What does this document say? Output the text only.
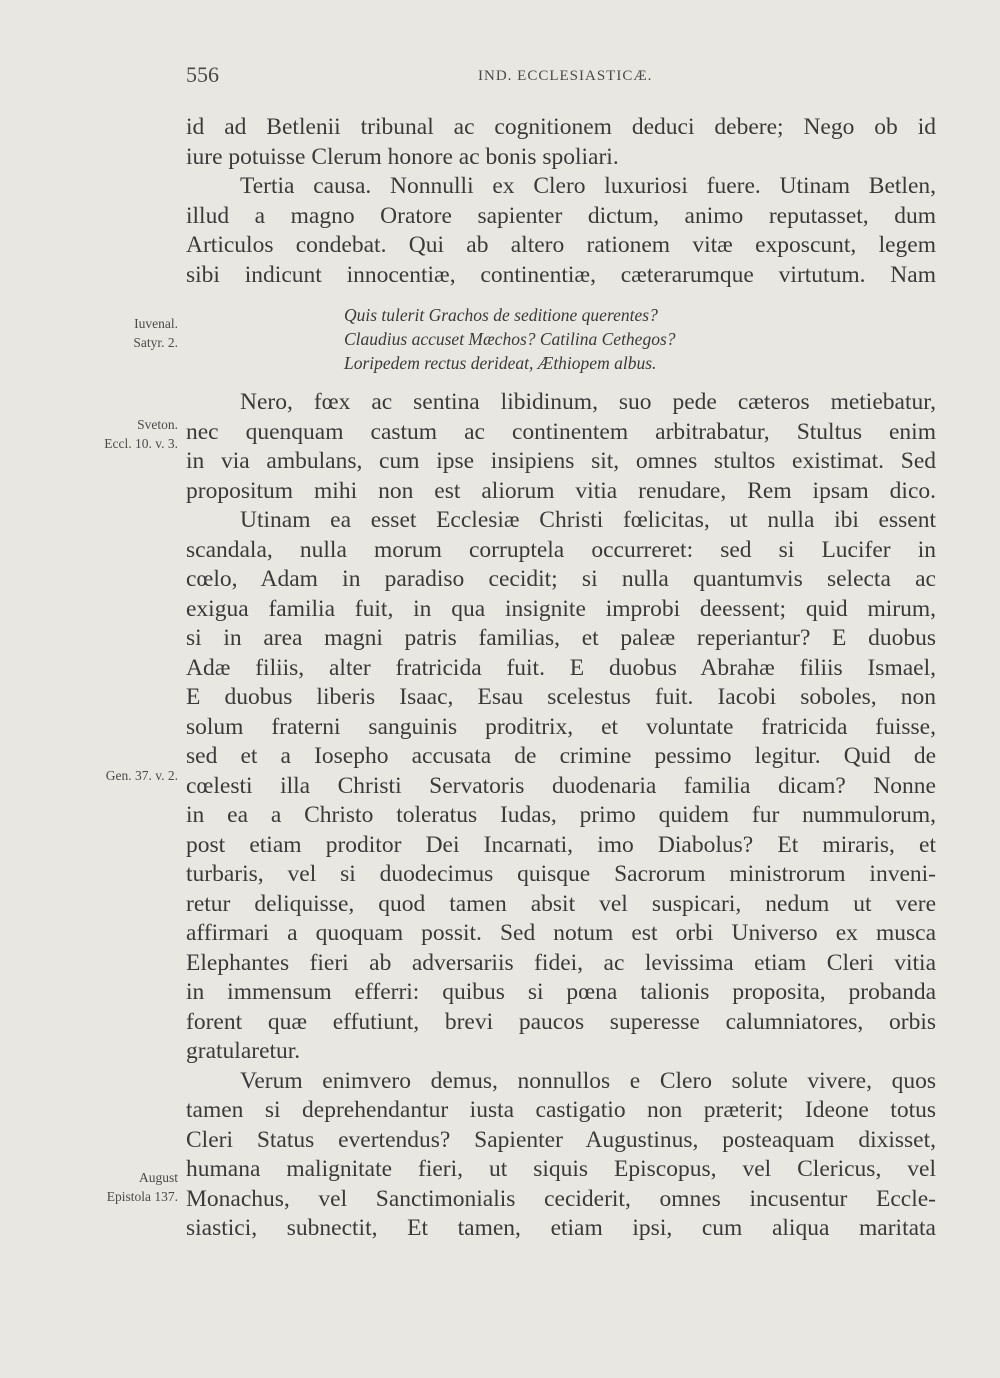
556	IND. ECCLESIASTICÆ.
Iuvenal.
Satyr. 2.
Sveton.
Eccl. 10. v. 3.
Gen. 37. v. 2.
August
Epistola 137.
id ad Betlenii tribunal ac cognitionem deduci debere; Nego ob id
iure potuisse Clerum honore ac bonis spoliari.
Tertia causa. Nonnulli ex Clero luxuriosi fuere. Utinam Betlen,
illud a magno Oratore sapienter dictum, animo reputasset, dum
Articulos condebat. Qui ab altero rationem vitæ exposcunt, legem
sibi indicunt innocentiæ, continentiæ, cæterarumque virtutum. Nam
Quis tulerit Grachos de seditione querentes?
Claudius accuset Mæchos? Catilina Cethegos?
Loripedem rectus derideat, Æthiopem albus.
Nero, fœx ac sentina libidinum, suo pede cæteros metiebatur,
nec quenquam castum ac continentem arbitrabatur, Stultus enim
in via ambulans, cum ipse insipiens sit, omnes stultos existimat. Sed
propositum mihi non est aliorum vitia renudare, Rem ipsam dico.
Utinam ea esset Ecclesiæ Christi fœlicitas, ut nulla ibi essent
scandala, nulla morum corruptela occurreret: sed si Lucifer in
cœlo, Adam in paradiso cecidit; si nulla quantumvis selecta ac
exigua familia fuit, in qua insignite improbi deessent; quid mirum,
si in area magni patris familias, et paleæ reperiantur? E duobus
Adæ filiis, alter fratricida fuit. E duobus Abrahæ filiis Ismael,
E duobus liberis Isaac, Esau scelestus fuit. Iacobi soboles, non
solum fraterni sanguinis proditrix, et voluntate fratricida fuisse,
sed et a Iosepho accusata de crimine pessimo legitur. Quid de
cœlesti illa Christi Servatoris duodenaria familia dicam? Nonne
in ea a Christo toleratus Iudas, primo quidem fur nummulorum,
post etiam proditor Dei Incarnati, imo Diabolus? Et miraris, et
turbaris, vel si duodecimus quisque Sacrorum ministrorum inveni-
retur deliquisse, quod tamen absit vel suspicari, nedum ut vere
affirmari a quoquam possit. Sed notum est orbi Universo ex musca
Elephantes fieri ab adversariis fidei, ac levissima etiam Cleri vitia
in immensum efferri: quibus si pœna talionis proposita, probanda
forent quæ effutiunt, brevi paucos superesse calumniatores, orbis
gratularetur.
Verum enimvero demus, nonnullos e Clero solute vivere, quos
tamen si deprehendantur iusta castigatio non præterit; Ideone totus
Cleri Status evertendus? Sapienter Augustinus, posteaquam dixisset,
humana malignitate fieri, ut siquis Episcopus, vel Clericus, vel
Monachus, vel Sanctimonialis ceciderit, omnes incusentur Eccle-
siastici, subnectit, Et tamen, etiam ipsi, cum aliqua maritata
